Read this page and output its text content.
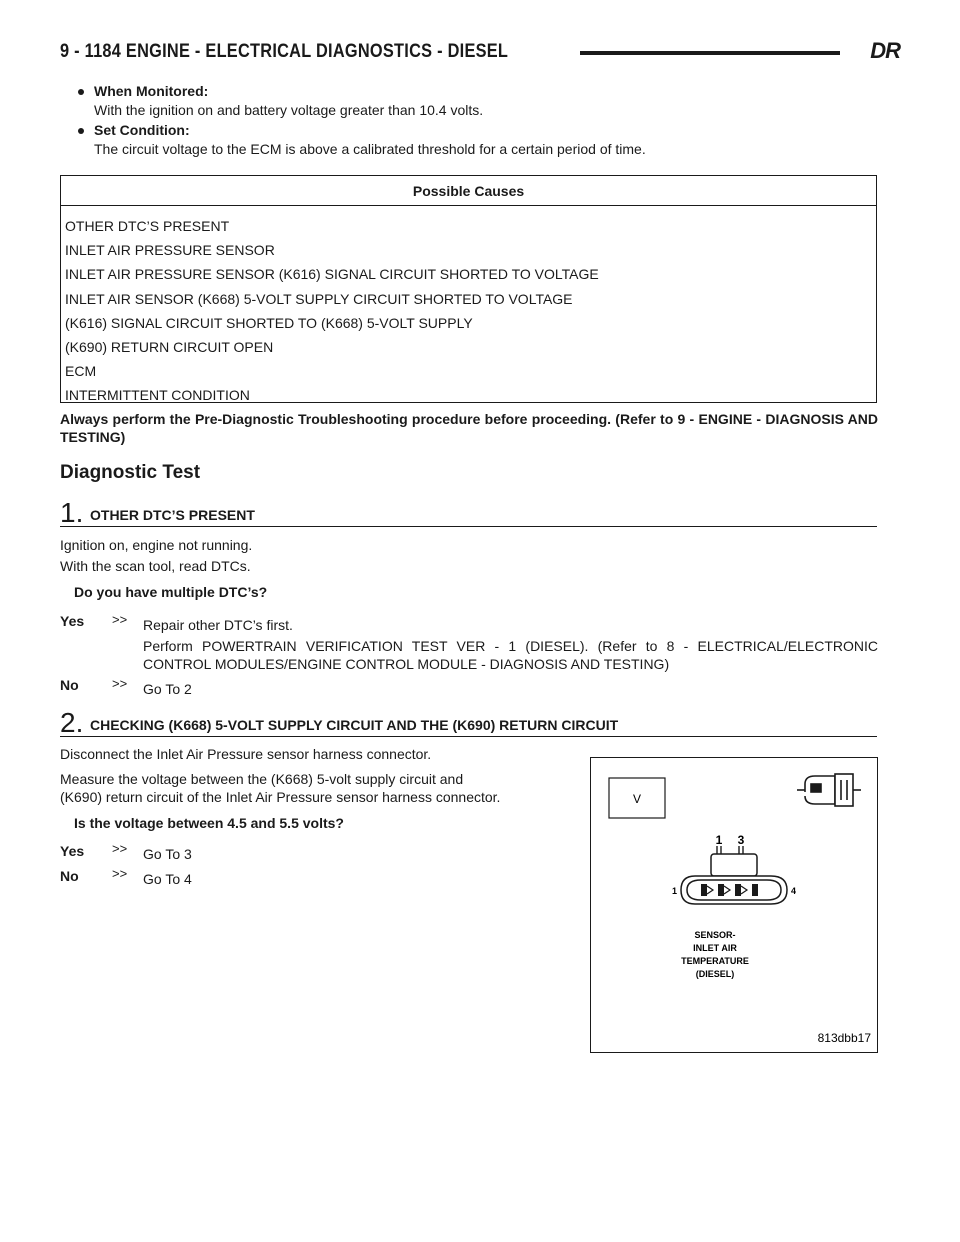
9 - 1184 ENGINE - ELECTRICAL DIAGNOSTICS - DIESEL	DR
When Monitored:
With the ignition on and battery voltage greater than 10.4 volts.
Set Condition:
The circuit voltage to the ECM is above a calibrated threshold for a certain period of time.
Possible Causes
OTHER DTC’S PRESENT
INLET AIR PRESSURE SENSOR
INLET AIR PRESSURE SENSOR (K616) SIGNAL CIRCUIT SHORTED TO VOLTAGE
INLET AIR SENSOR (K668) 5-VOLT SUPPLY CIRCUIT SHORTED TO VOLTAGE
(K616) SIGNAL CIRCUIT SHORTED TO (K668) 5-VOLT SUPPLY
(K690) RETURN CIRCUIT OPEN
ECM
INTERMITTENT CONDITION
Always perform the Pre-Diagnostic Troubleshooting procedure before proceeding. (Refer to 9 - ENGINE - DIAGNOSIS AND TESTING)
Diagnostic Test
1. OTHER DTC’S PRESENT
Ignition on, engine not running.
With the scan tool, read DTCs.
Do you have multiple DTC’s?
Yes >> Repair other DTC’s first.
Perform POWERTRAIN VERIFICATION TEST VER - 1 (DIESEL). (Refer to 8 - ELECTRICAL/ELECTRONIC CONTROL MODULES/ENGINE CONTROL MODULE - DIAGNOSIS AND TESTING)
No	>> Go To 2
2. CHECKING (K668) 5-VOLT SUPPLY CIRCUIT AND THE (K690) RETURN CIRCUIT
Disconnect the Inlet Air Pressure sensor harness connector.
Measure the voltage between the (K668) 5-volt supply circuit and
(K690) return circuit of the Inlet Air Pressure sensor harness connector.
Is the voltage between 4.5 and 5.5 volts?
Yes >> Go To 3
No	>> Go To 4
V
1 3
1	4
SENSOR-
INLET AIR
TEMPERATURE
(DIESEL)
813dbb17
